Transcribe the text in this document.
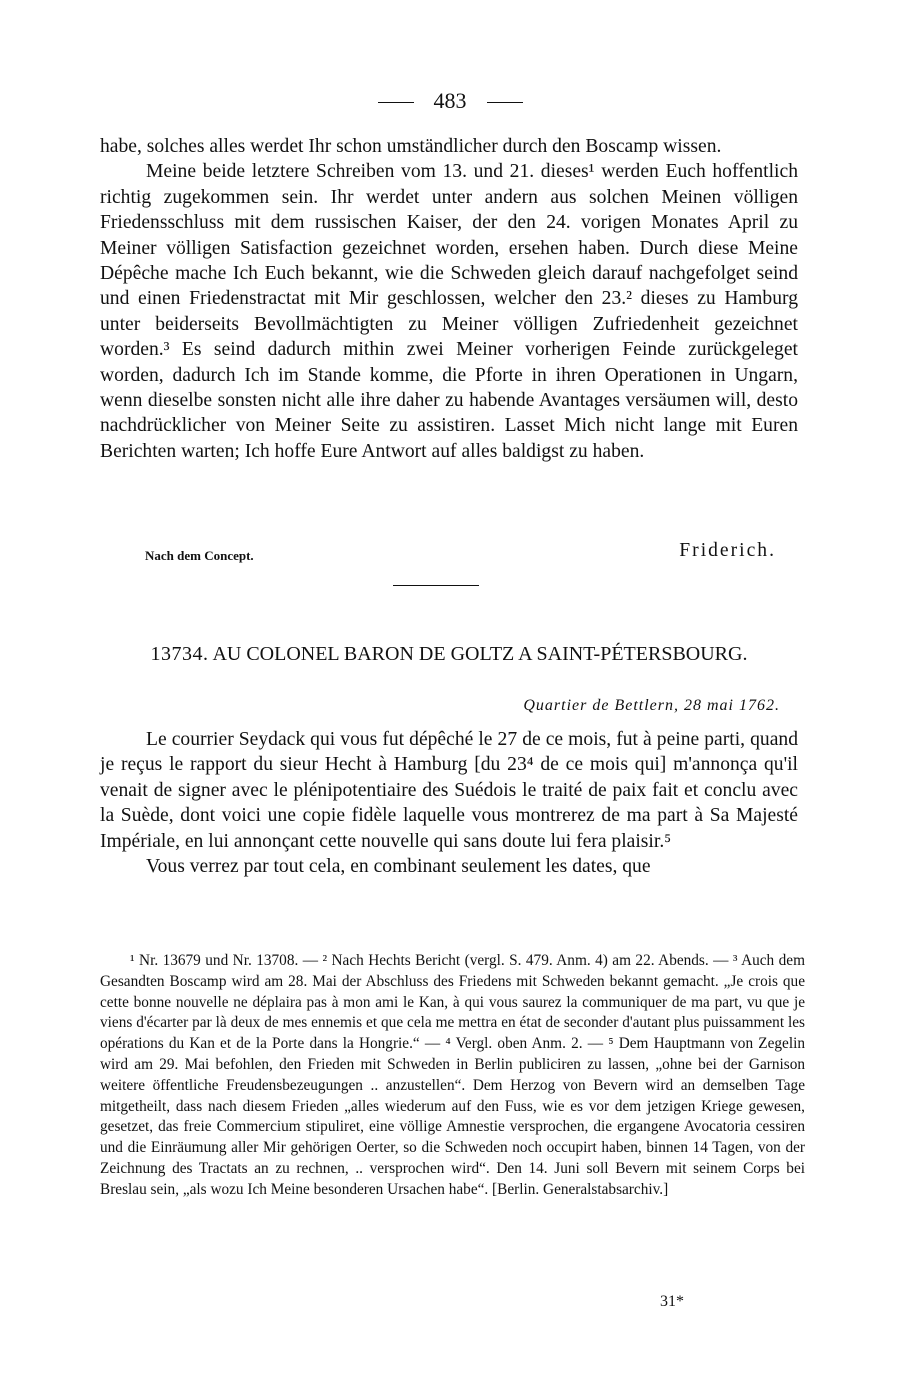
483

habe, solches alles werdet Ihr schon umständlicher durch den Boscamp wissen.

Meine beide letztere Schreiben vom 13. und 21. dieses¹ werden Euch hoffentlich richtig zugekommen sein. Ihr werdet unter andern aus solchen Meinen völligen Friedensschluss mit dem russischen Kaiser, der den 24. vorigen Monates April zu Meiner völligen Satisfaction gezeichnet worden, ersehen haben. Durch diese Meine Dépêche mache Ich Euch bekannt, wie die Schweden gleich darauf nachgefolget seind und einen Friedenstractat mit Mir geschlossen, welcher den 23.² dieses zu Hamburg unter beiderseits Bevollmächtigten zu Meiner völligen Zufriedenheit gezeichnet worden.³ Es seind dadurch mithin zwei Meiner vorherigen Feinde zurückgeleget worden, dadurch Ich im Stande komme, die Pforte in ihren Operationen in Ungarn, wenn dieselbe sonsten nicht alle ihre daher zu habende Avantages versäumen will, desto nachdrücklicher von Meiner Seite zu assistiren. Lasset Mich nicht lange mit Euren Berichten warten; Ich hoffe Eure Antwort auf alles baldigst zu haben.

Nach dem Concept.	Friderich.
13734. AU COLONEL BARON DE GOLTZ A SAINT-PÉTERSBOURG.
Quartier de Bettlern, 28 mai 1762.

Le courrier Seydack qui vous fut dépêché le 27 de ce mois, fut à peine parti, quand je reçus le rapport du sieur Hecht à Hamburg [du 23⁴ de ce mois qui] m'annonça qu'il venait de signer avec le plénipotentiaire des Suédois le traité de paix fait et conclu avec la Suède, dont voici une copie fidèle laquelle vous montrerez de ma part à Sa Majesté Impériale, en lui annonçant cette nouvelle qui sans doute lui fera plaisir.⁵

Vous verrez par tout cela, en combinant seulement les dates, que

¹ Nr. 13679 und Nr. 13708. — ² Nach Hechts Bericht (vergl. S. 479. Anm. 4) am 22. Abends. — ³ Auch dem Gesandten Boscamp wird am 28. Mai der Abschluss des Friedens mit Schweden bekannt gemacht. „Je crois que cette bonne nouvelle ne déplaira pas à mon ami le Kan, à qui vous saurez la communiquer de ma part, vu que je viens d'écarter par là deux de mes ennemis et que cela me mettra en état de seconder d'autant plus puissamment les opérations du Kan et de la Porte dans la Hongrie.“ — ⁴ Vergl. oben Anm. 2. — ⁵ Dem Hauptmann von Zegelin wird am 29. Mai befohlen, den Frieden mit Schweden in Berlin publiciren zu lassen, „ohne bei der Garnison weitere öffentliche Freudensbezeugungen .. anzustellen“. Dem Herzog von Bevern wird an demselben Tage mitgetheilt, dass nach diesem Frieden „alles wiederum auf den Fuss, wie es vor dem jetzigen Kriege gewesen, gesetzet, das freie Commercium stipuliret, eine völlige Amnestie versprochen, die ergangene Avocatoria cessiren und die Einräumung aller Mir gehörigen Oerter, so die Schweden noch occupirt haben, binnen 14 Tagen, von der Zeichnung des Tractats an zu rechnen, .. versprochen wird“. Den 14. Juni soll Bevern mit seinem Corps bei Breslau sein, „als wozu Ich Meine besonderen Ursachen habe“. [Berlin. Generalstabsarchiv.]

31*
